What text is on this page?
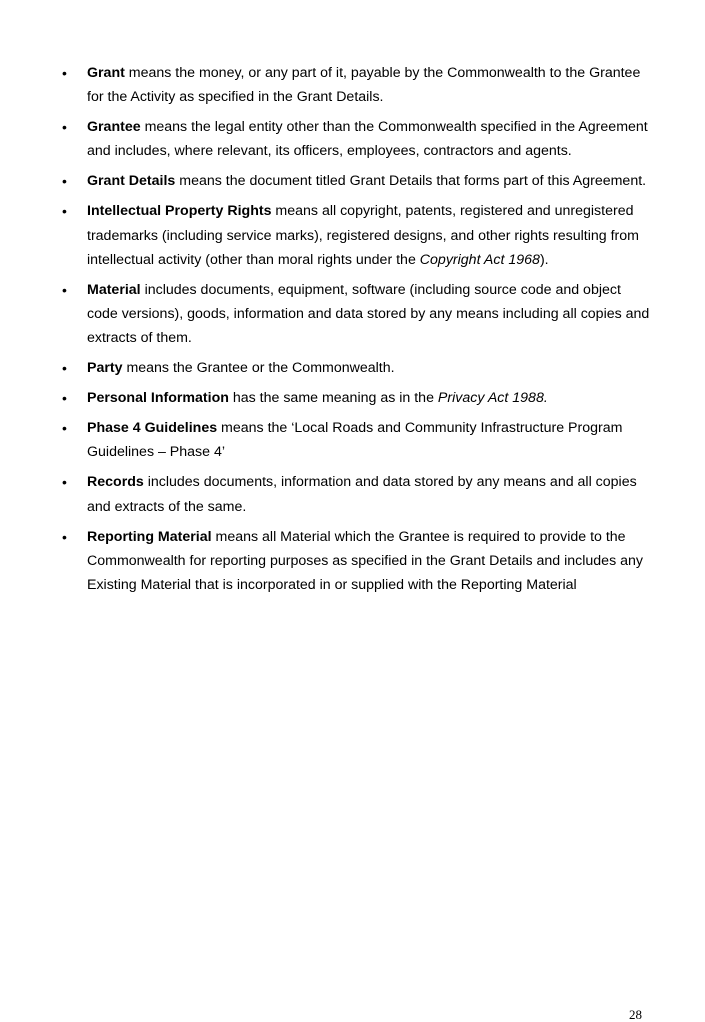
• Grant means the money, or any part of it, payable by the Commonwealth to the Grantee for the Activity as specified in the Grant Details.
• Grantee means the legal entity other than the Commonwealth specified in the Agreement and includes, where relevant, its officers, employees, contractors and agents.
• Grant Details means the document titled Grant Details that forms part of this Agreement.
• Intellectual Property Rights means all copyright, patents, registered and unregistered trademarks (including service marks), registered designs, and other rights resulting from intellectual activity (other than moral rights under the Copyright Act 1968).
• Material includes documents, equipment, software (including source code and object code versions), goods, information and data stored by any means including all copies and extracts of them.
• Party means the Grantee or the Commonwealth.
• Personal Information has the same meaning as in the Privacy Act 1988.
• Phase 4 Guidelines means the ‘Local Roads and Community Infrastructure Program Guidelines – Phase 4’
• Records includes documents, information and data stored by any means and all copies and extracts of the same.
• Reporting Material means all Material which the Grantee is required to provide to the Commonwealth for reporting purposes as specified in the Grant Details and includes any Existing Material that is incorporated in or supplied with the Reporting Material
28
